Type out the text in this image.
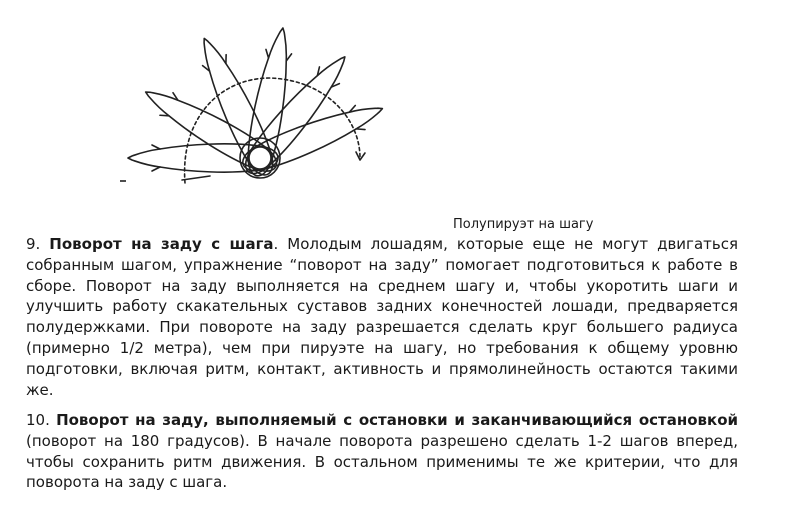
Полупируэт на шагу
9. Поворот на заду с шага. Молодым лошадям, которые еще не могут двигаться собранным шагом, упражнение “поворот на заду” помогает подготовиться к работе в сборе. Поворот на заду выполняется на среднем шагу и, чтобы укоротить шаги и улучшить работу скакательных суставов задних конечностей лошади, предваряется полудержками. При повороте на заду разрешается сделать круг большего радиуса (примерно 1/2 метра), чем при пируэте на шагу, но требования к общему уровню подготовки, включая ритм, контакт, активность и прямолинейность остаются такими же.
10. Поворот на заду, выполняемый с остановки и заканчивающийся остановкой (поворот на 180 градусов). В начале поворота разрешено сделать 1-2 шагов вперед, чтобы сохранить ритм движения. В остальном применимы те же критерии, что для поворота на заду с шага.
